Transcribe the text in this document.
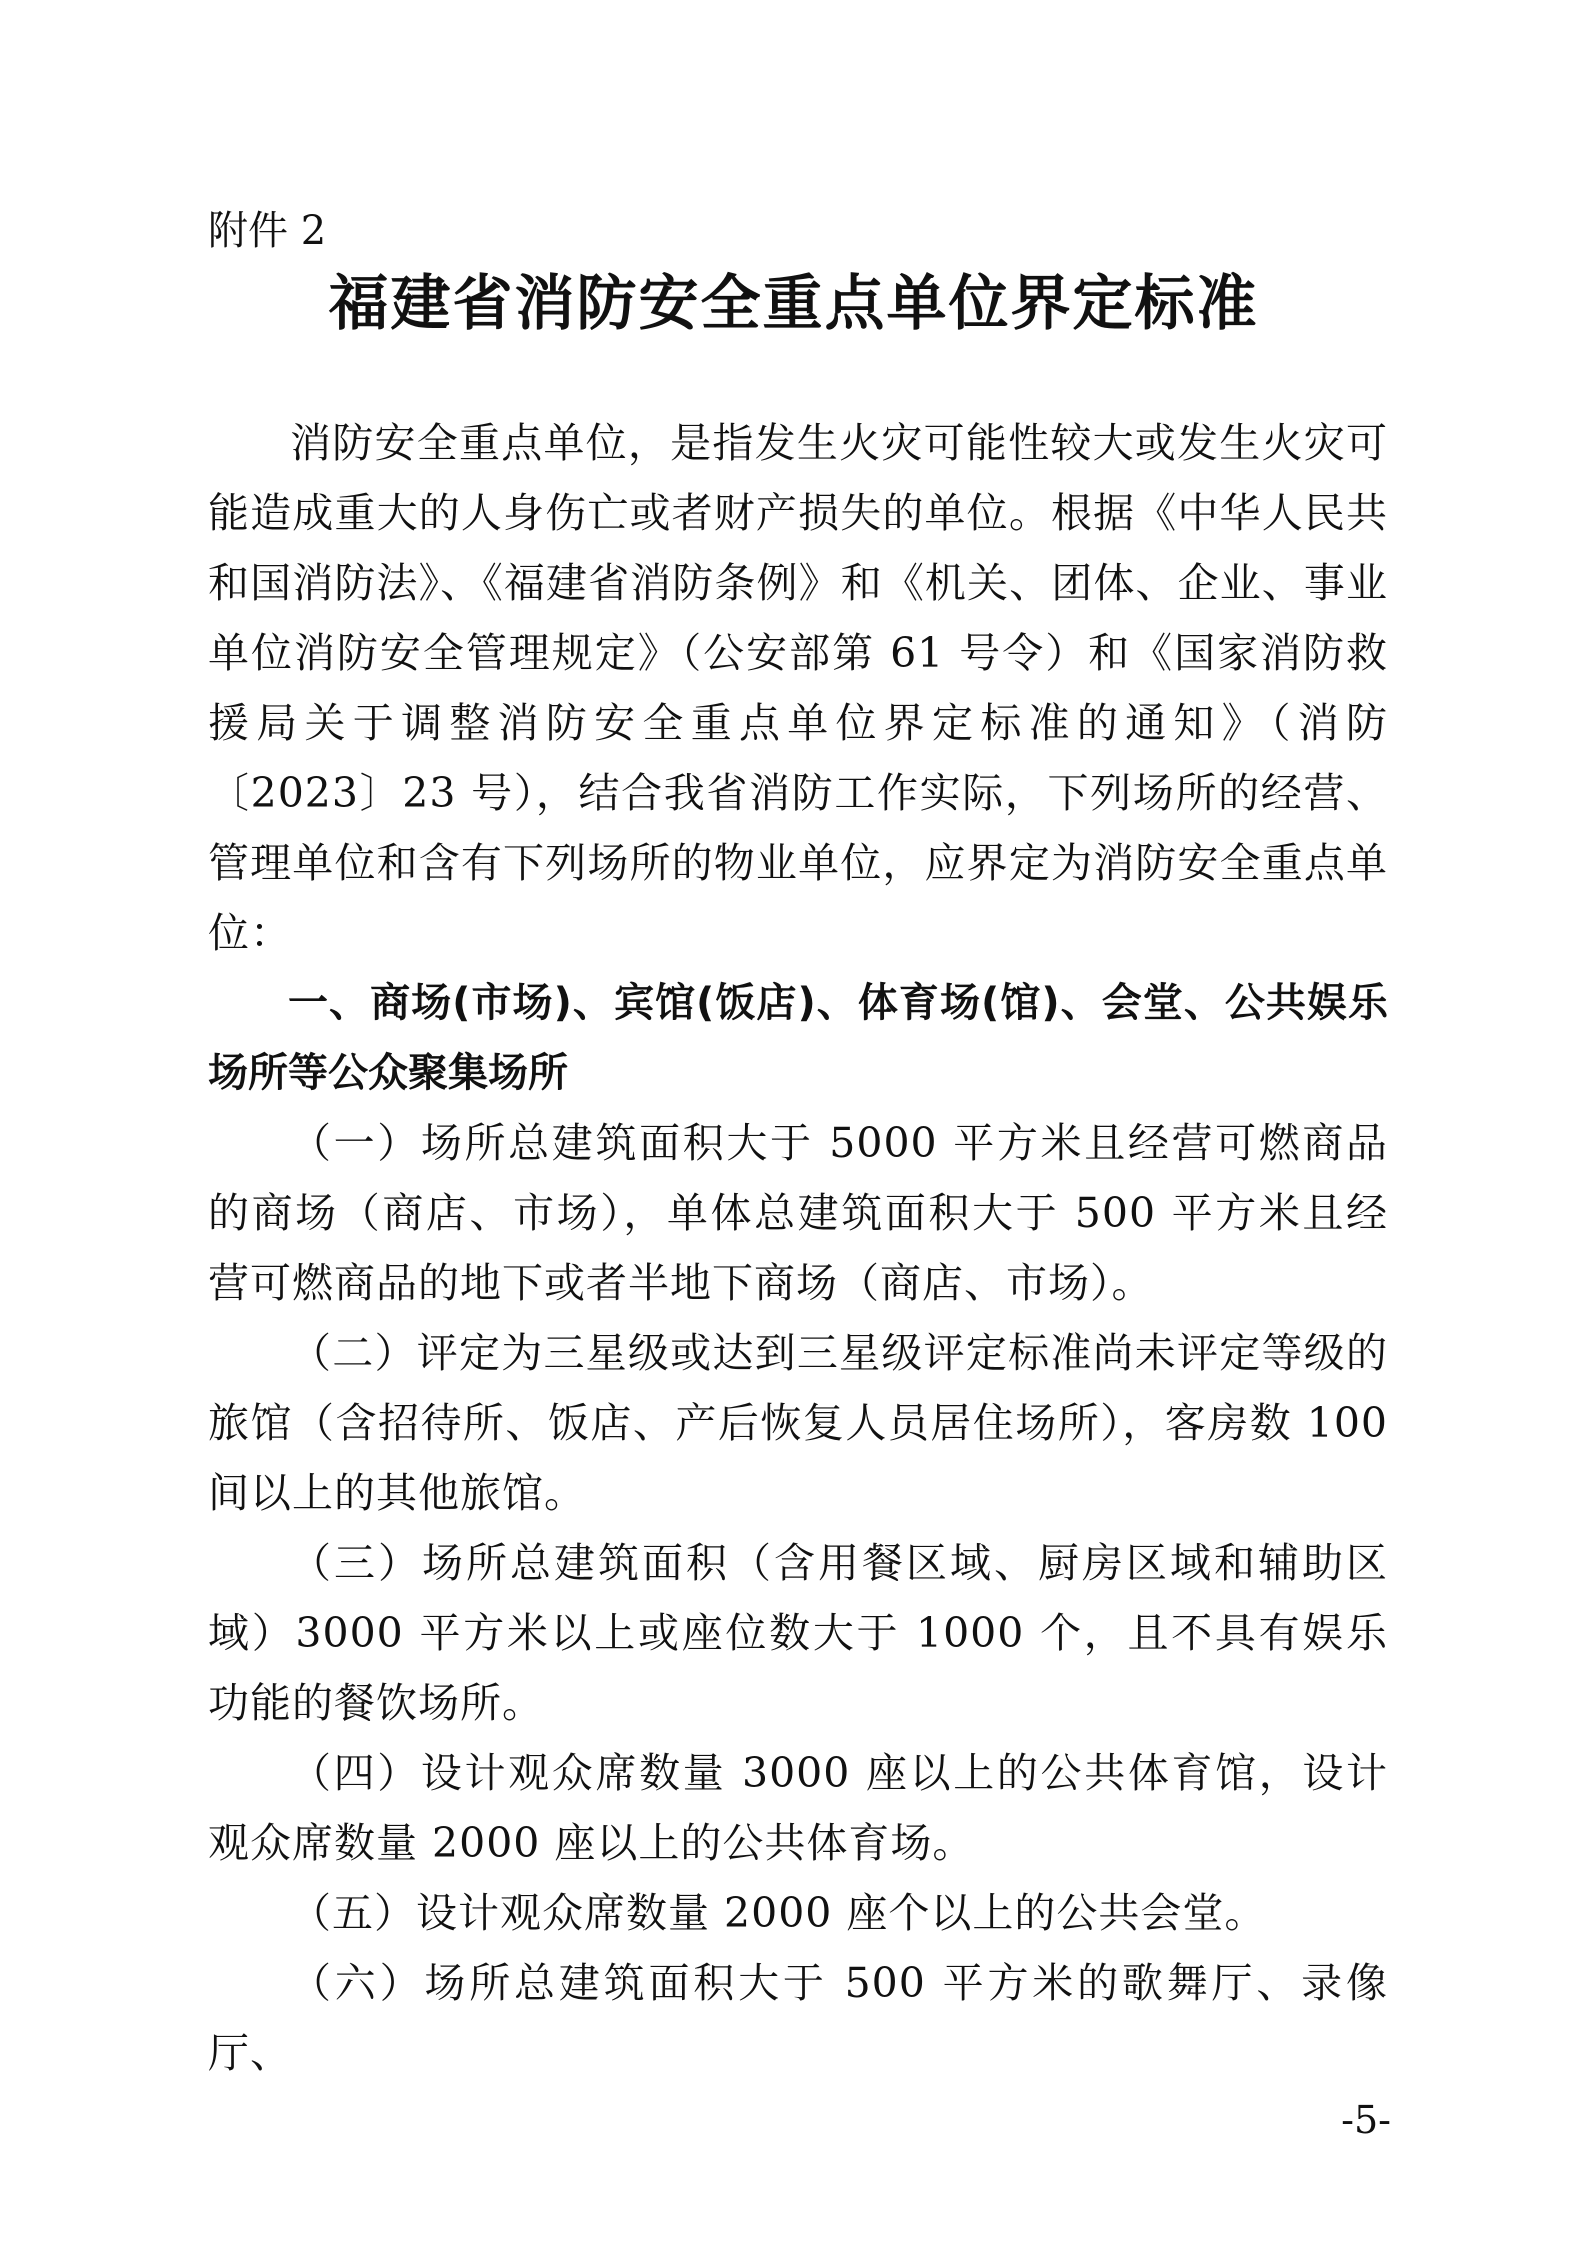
附件 2
福建省消防安全重点单位界定标准

消防安全重点单位，是指发生火灾可能性较大或发生火灾可能造成重大的人身伤亡或者财产损失的单位。根据《中华人民共和国消防法》、《福建省消防条例》和《机关、团体、企业、事业单位消防安全管理规定》（公安部第 61 号令）和《国家消防救援局关于调整消防安全重点单位界定标准的通知》（消防〔2023〕23 号），结合我省消防工作实际，下列场所的经营、管理单位和含有下列场所的物业单位，应界定为消防安全重点单位：

一、商场(市场)、宾馆(饭店)、体育场(馆)、会堂、公共娱乐场所等公众聚集场所

（一）场所总建筑面积大于 5000 平方米且经营可燃商品的商场（商店、市场），单体总建筑面积大于 500 平方米且经营可燃商品的地下或者半地下商场（商店、市场）。

（二）评定为三星级或达到三星级评定标准尚未评定等级的旅馆（含招待所、饭店、产后恢复人员居住场所），客房数 100 间以上的其他旅馆。

（三）场所总建筑面积（含用餐区域、厨房区域和辅助区域）3000 平方米以上或座位数大于 1000 个，且不具有娱乐功能的餐饮场所。

（四）设计观众席数量 3000 座以上的公共体育馆，设计观众席数量 2000 座以上的公共体育场。

（五）设计观众席数量 2000 座个以上的公共会堂。

（六）场所总建筑面积大于 500 平方米的歌舞厅、录像厅、

-5-
